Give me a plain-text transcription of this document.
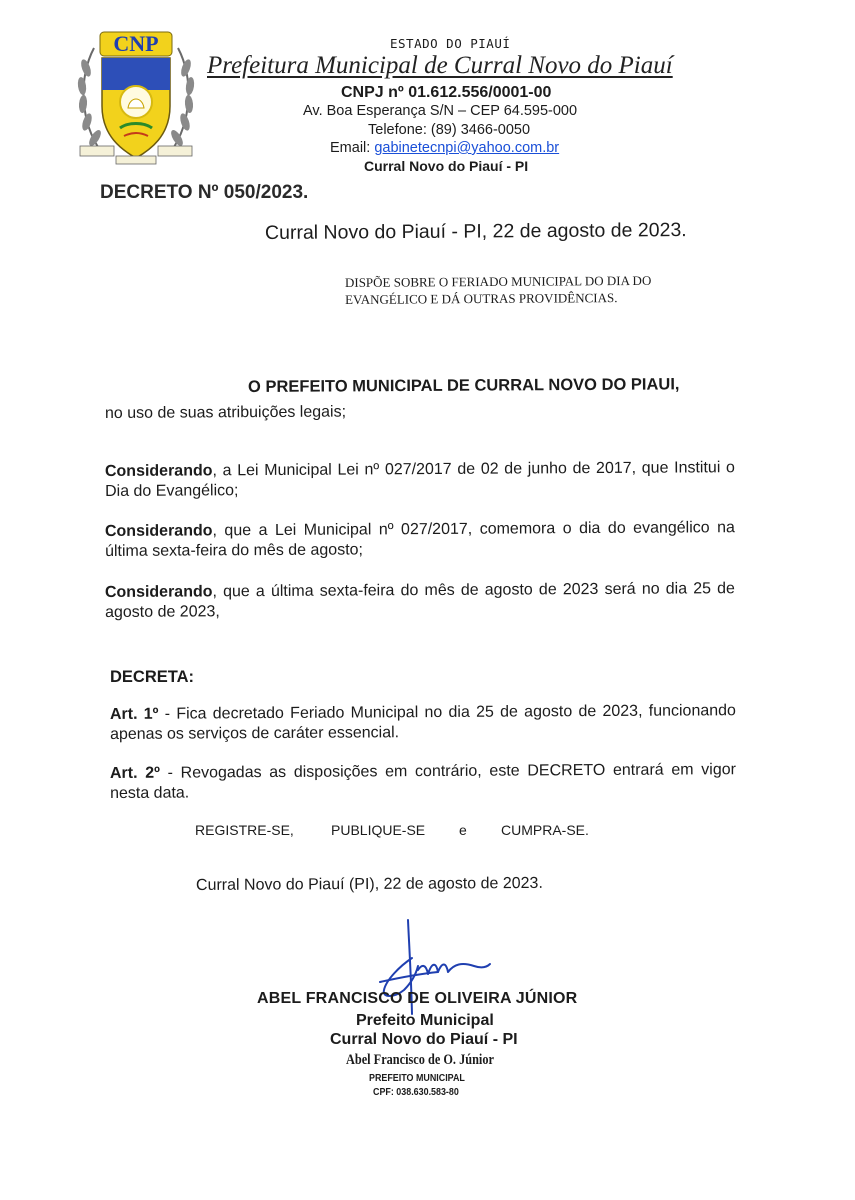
CNP	ESTADO DO PIAUÍ
Prefeitura Municipal de Curral Novo do Piauí
CNPJ nº 01.612.556/0001-00
Av. Boa Esperança S/N – CEP 64.595-000
Telefone: (89) 3466-0050
Email: gabinetecnpi@yahoo.com.br
Curral Novo do Piauí - PI
DECRETO Nº 050/2023.
Curral Novo do Piauí - PI, 22 de agosto de 2023.
DISPÕE SOBRE O FERIADO MUNICIPAL DO DIA DO EVANGÉLICO E DÁ OUTRAS PROVIDÊNCIAS.
O PREFEITO MUNICIPAL DE CURRAL NOVO DO PIAUI,
no uso de suas atribuições legais;
Considerando, a Lei Municipal Lei nº 027/2017 de 02 de junho de 2017, que Institui o Dia do Evangélico;
Considerando, que a Lei Municipal nº 027/2017, comemora o dia do evangélico na última sexta-feira do mês de agosto;
Considerando, que a última sexta-feira do mês de agosto de 2023 será no dia 25 de agosto de 2023,
DECRETA:
Art. 1º - Fica decretado Feriado Municipal no dia 25 de agosto de 2023, funcionando apenas os serviços de caráter essencial.
Art. 2º - Revogadas as disposições em contrário, este DECRETO entrará em vigor nesta data.
REGISTRE-SE,	PUBLIQUE-SE e CUMPRA-SE.
Curral Novo do Piauí (PI), 22 de agosto de 2023.
ABEL FRANCISCO DE OLIVEIRA JÚNIOR
Prefeito Municipal
Curral Novo do Piauí - PI
Abel Francisco de O. Júnior
PREFEITO MUNICIPAL
CPF: 038.630.583-80
